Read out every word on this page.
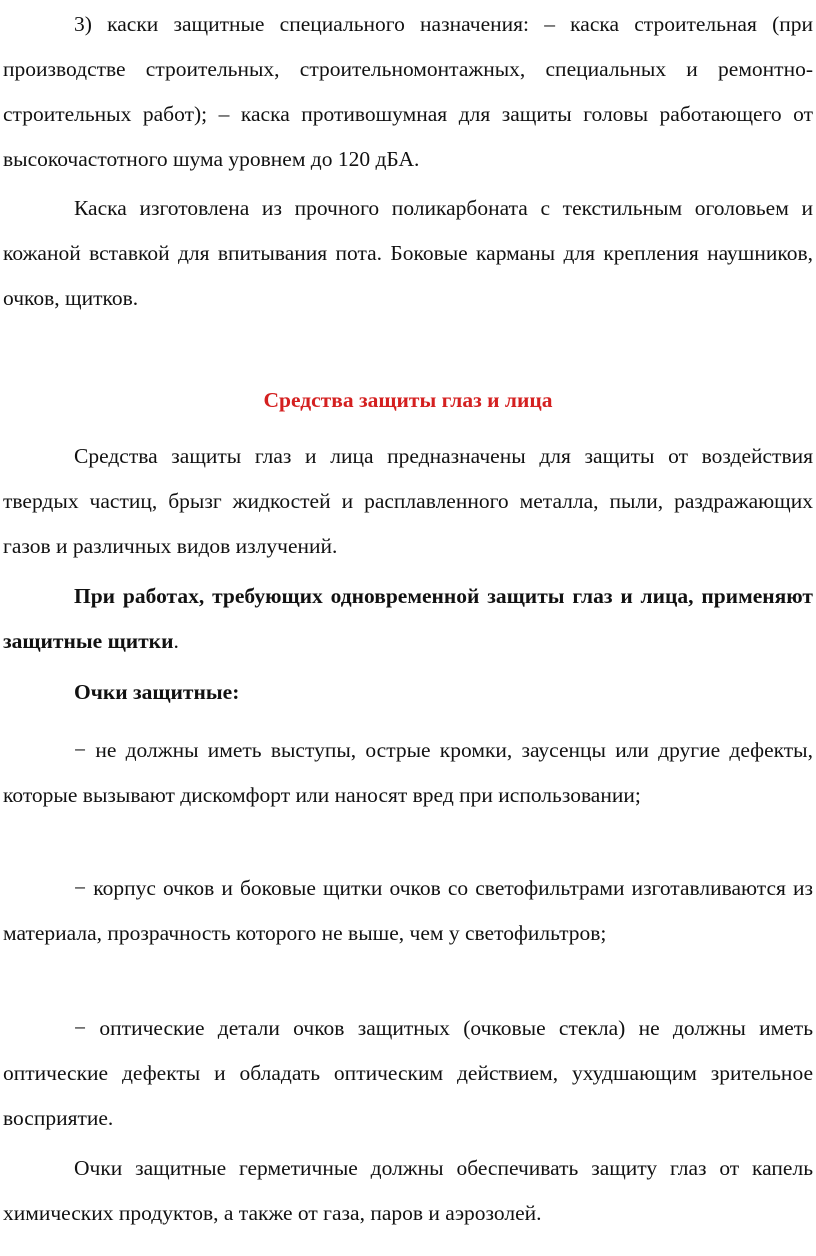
3) каски защитные специального назначения: – каска строительная (при производстве строительных, строительномонтажных, специальных и ремонтно-строительных работ); – каска противошумная для защиты головы работающего от высокочастотного шума уровнем до 120 дБА.

Каска изготовлена из прочного поликарбоната с текстильным оголовьем и кожаной вставкой для впитывания пота. Боковые карманы для крепления наушников, очков, щитков.

Средства защиты глаз и лица

Средства защиты глаз и лица предназначены для защиты от воздействия твердых частиц, брызг жидкостей и расплавленного металла, пыли, раздражающих газов и различных видов излучений.

При работах, требующих одновременной защиты глаз и лица, применяют защитные щитки.

Очки защитные:

− не должны иметь выступы, острые кромки, заусенцы или другие дефекты, которые вызывают дискомфорт или наносят вред при использовании;

− корпус очков и боковые щитки очков со светофильтрами изготавливаются из материала, прозрачность которого не выше, чем у светофильтров;

− оптические детали очков защитных (очковые стекла) не должны иметь оптические дефекты и обладать оптическим действием, ухудшающим зрительное восприятие.

Очки защитные герметичные должны обеспечивать защиту глаз от капель химических продуктов, а также от газа, паров и аэрозолей.
